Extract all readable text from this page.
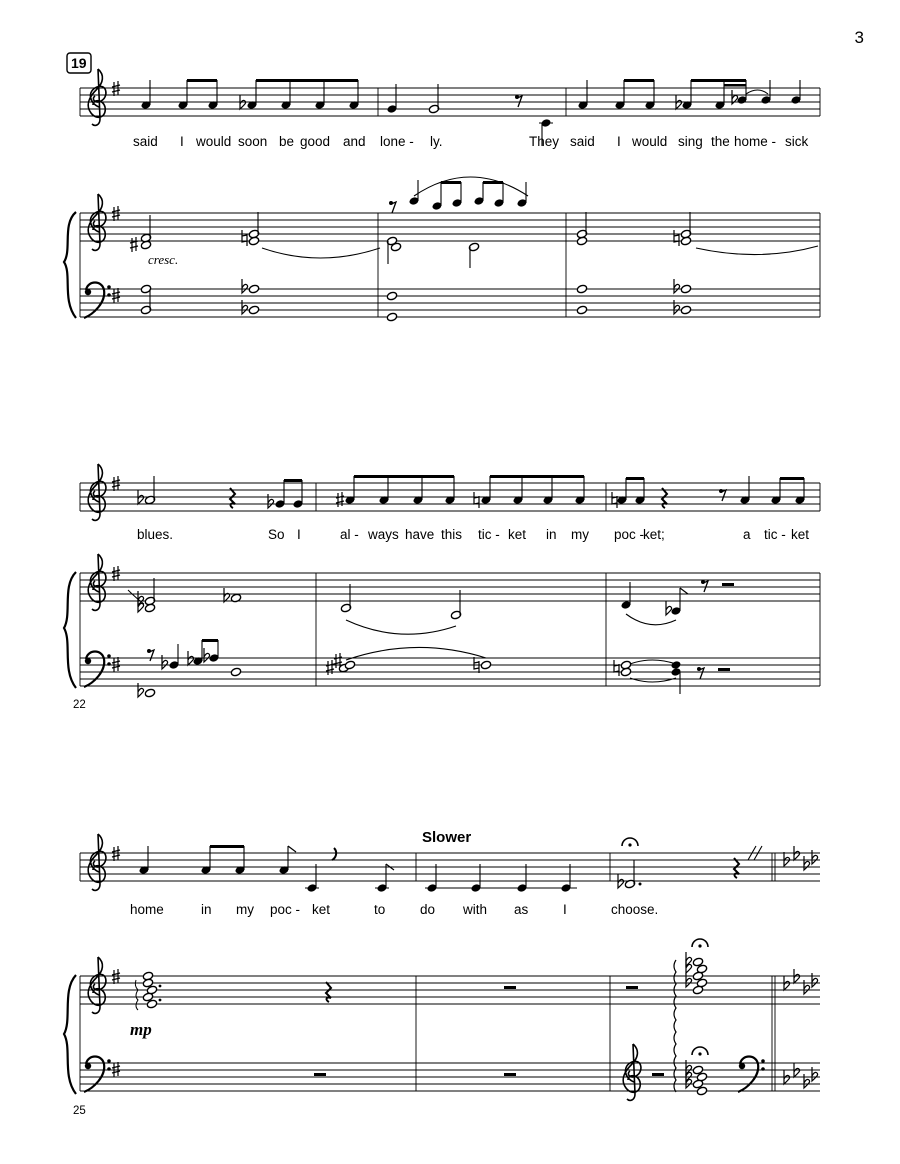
3
19
said I would soon be good and lone - ly.	They said I would sing the home - sick
cresc.
blues.	So I	al - ways have this tic - ket in my poc -
ket;	a tic - ket
22
Slower
home	in my poc - ket	to	do with as	I	choose.
mp
25
